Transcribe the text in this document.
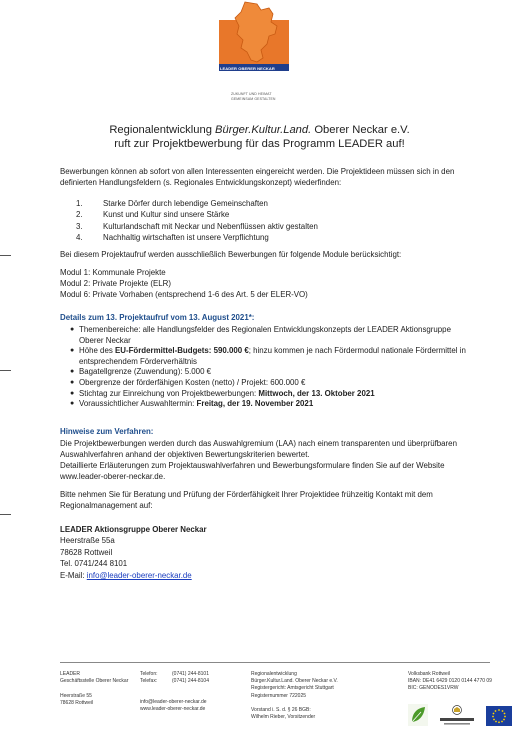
LEADER OBERER NECKAR
ZUKUNFT UND HEIMAT
GEMEINSAM GESTALTEN
Regionalentwicklung Bürger.Kultur.Land. Oberer Neckar e.V.
ruft zur Projektbewerbung für das Programm LEADER auf!
Bewerbungen können ab sofort von allen Interessenten eingereicht werden. Die Projektideen müssen sich in den definierten Handlungsfeldern (s. Regionales Entwicklungskonzept) wiederfinden:
1.	Starke Dörfer durch lebendige Gemeinschaften
2.	Kunst und Kultur sind unsere Stärke
3.	Kulturlandschaft mit Neckar und Nebenflüssen aktiv gestalten
4.	Nachhaltig wirtschaften ist unsere Verpflichtung
Bei diesem Projektaufruf werden ausschließlich Bewerbungen für folgende Module berücksichtigt:
Modul 1: Kommunale Projekte
Modul 2: Private Projekte (ELR)
Modul 6: Private Vorhaben (entsprechend 1-6 des Art. 5 der ELER-VO)
Details zum 13. Projektaufruf vom 13. August 2021*:
● Themenbereiche: alle Handlungsfelder des Regionalen Entwicklungskonzepts der LEADER Aktionsgruppe Oberer Neckar
● Höhe des EU-Fördermittel-Budgets: 590.000 €; hinzu kommen je nach Fördermodul nationale Fördermittel in entsprechendem Förderverhältnis
● Bagatellgrenze (Zuwendung): 5.000 €
● Obergrenze der förderfähigen Kosten (netto) / Projekt: 600.000 €
● Stichtag zur Einreichung von Projektbewerbungen: Mittwoch, der 13. Oktober 2021
● Voraussichtlicher Auswahltermin: Freitag, der 19. November 2021
Hinweise zum Verfahren:
Die Projektbewerbungen werden durch das Auswahlgremium (LAA) nach einem transparenten und überprüfbaren Auswahlverfahren anhand der objektiven Bewertungskriterien bewertet.
Detaillierte Erläuterungen zum Projektauswahlverfahren und Bewerbungsformulare finden Sie auf der Website www.leader-oberer-neckar.de.
Bitte nehmen Sie für Beratung und Prüfung der Förderfähigkeit Ihrer Projektidee frühzeitig Kontakt mit dem Regionalmanagement auf:
LEADER Aktionsgruppe Oberer Neckar
Heerstraße 55a
78628 Rottweil
Tel. 0741/244 8101
E-Mail: info@leader-oberer-neckar.de
LEADER
Geschäftsstelle Oberer Neckar

Heerstraße 55
78628 Rottweil
Telefon:
Telefax:
(0741) 244-8101
(0741) 244-8104

info@leader-oberer-neckar.de
www.leader-oberer-neckar.de
Regionalentwicklung
Bürger.Kultur.Land. Oberer Neckar e.V.
Registergericht: Amtsgericht Stuttgart
Registernummer 722025

Vorstand i. S. d. § 26 BGB:
Wilhelm Rieber, Vorsitzender
Volksbank Rottweil
IBAN: DE41 6429 0120 0144 4770 09
BIC: GENODES1VRW
